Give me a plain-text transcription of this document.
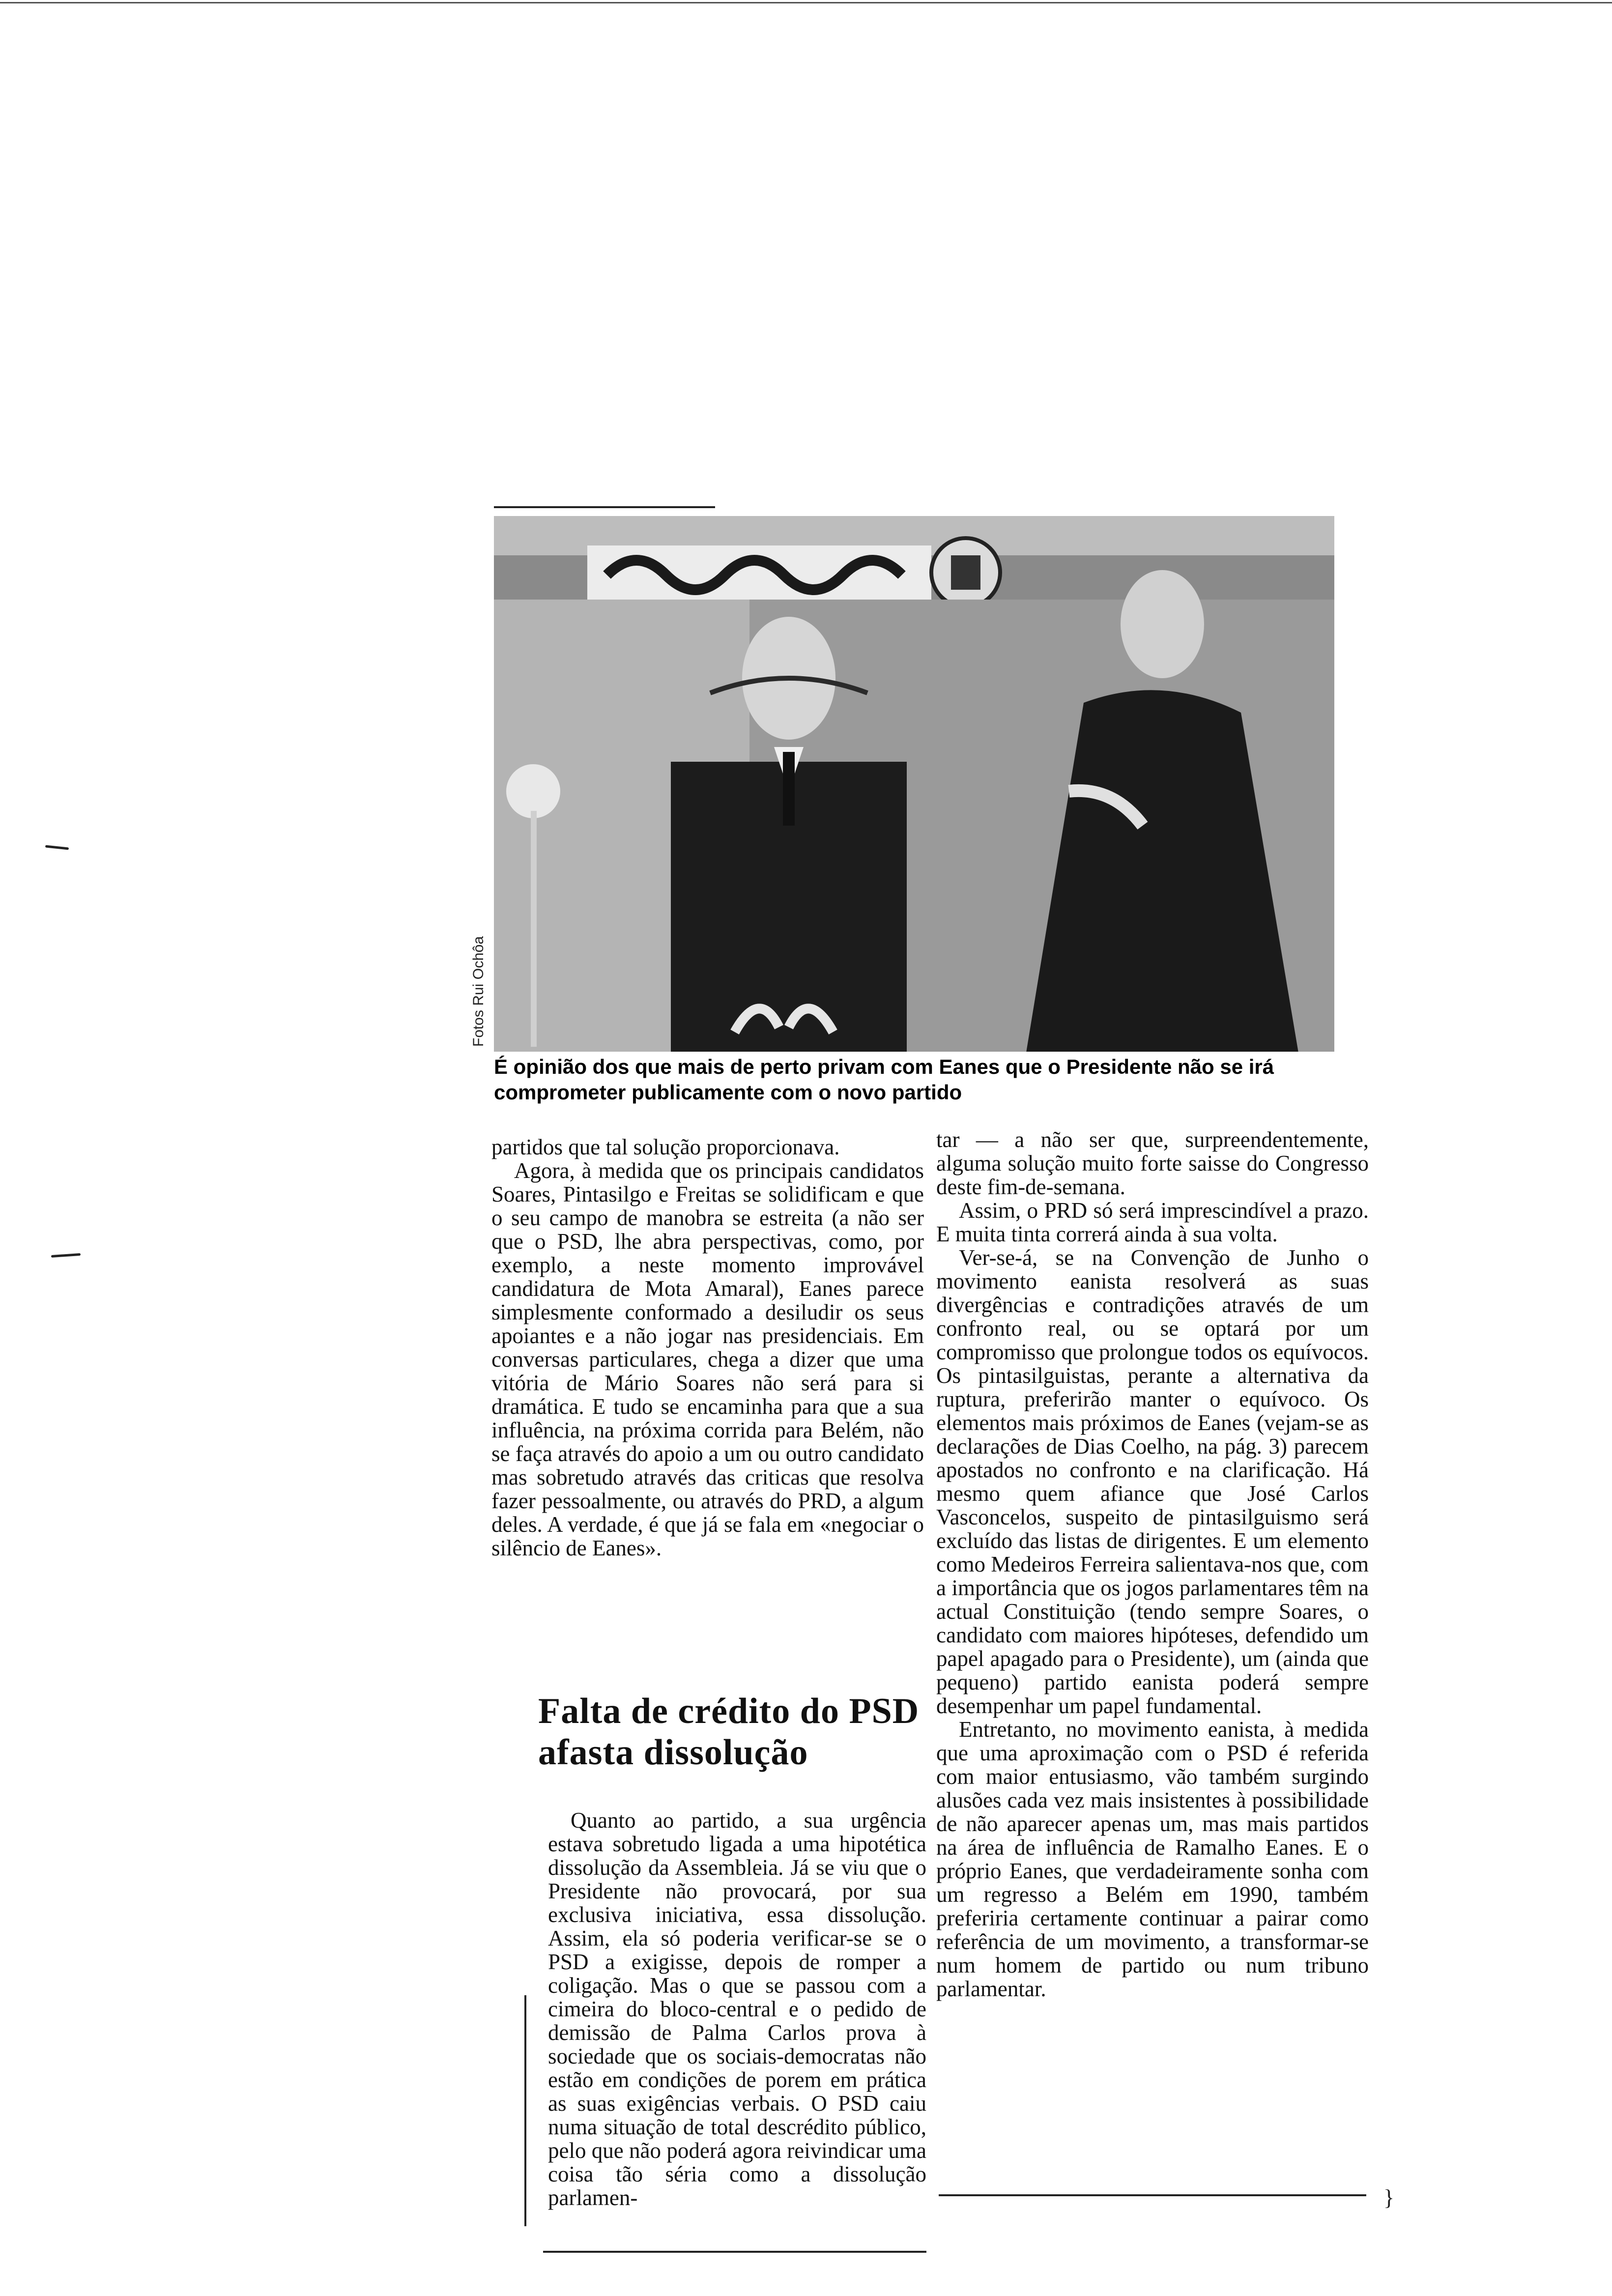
Fotos Rui Ochôa
É opinião dos que mais de perto privam com Eanes que o Presidente não se irá comprometer publicamente com o novo partido

partidos que tal solução proporcionava.

Agora, à medida que os principais candidatos Soares, Pintasilgo e Freitas se solidificam e que o seu campo de manobra se estreita (a não ser que o PSD, lhe abra perspectivas, como, por exemplo, a neste momento improvável candidatura de Mota Amaral), Eanes parece simplesmente conformado a desiludir os seus apoiantes e a não jogar nas presidenciais. Em conversas particulares, chega a dizer que uma vitória de Mário Soares não será para si dramática. E tudo se encaminha para que a sua influência, na próxima corrida para Belém, não se faça através do apoio a um ou outro candidato mas sobretudo através das criticas que resolva fazer pessoalmente, ou através do PRD, a algum deles. A verdade, é que já se fala em «negociar o silêncio de Eanes».

Falta de crédito do PSD afasta dissolução

Quanto ao partido, a sua urgência estava sobretudo ligada a uma hipotética dissolução da Assembleia. Já se viu que o Presidente não provocará, por sua exclusiva iniciativa, essa dissolução. Assim, ela só poderia verificar-se se o PSD a exigisse, depois de romper a coligação. Mas o que se passou com a cimeira do bloco-central e o pedido de demissão de Palma Carlos prova à sociedade que os sociais-democratas não estão em condições de porem em prática as suas exigências verbais. O PSD caiu numa situação de total descrédito público, pelo que não poderá agora reivindicar uma coisa tão séria como a dissolução parlamen-

tar — a não ser que, surpreendentemente, alguma solução muito forte saisse do Congresso deste fim-de-semana.

Assim, o PRD só será imprescindível a prazo. E muita tinta correrá ainda à sua volta.

Ver-se-á, se na Convenção de Junho o movimento eanista resolverá as suas divergências e contradições através de um confronto real, ou se optará por um compromisso que prolongue todos os equívocos. Os pintasilguistas, perante a alternativa da ruptura, preferirão manter o equívoco. Os elementos mais próximos de Eanes (vejam-se as declarações de Dias Coelho, na pág. 3) parecem apostados no confronto e na clarificação. Há mesmo quem afiance que José Carlos Vasconcelos, suspeito de pintasilguismo será excluído das listas de dirigentes. E um elemento como Medeiros Ferreira salientava-nos que, com a importância que os jogos parlamentares têm na actual Constituição (tendo sempre Soares, o candidato com maiores hipóteses, defendido um papel apagado para o Presidente), um (ainda que pequeno) partido eanista poderá sempre desempenhar um papel fundamental.

Entretanto, no movimento eanista, à medida que uma aproximação com o PSD é referida com maior entusiasmo, vão também surgindo alusões cada vez mais insistentes à possibilidade de não aparecer apenas um, mas mais partidos na área de influência de Ramalho Eanes. E o próprio Eanes, que verdadeiramente sonha com um regresso a Belém em 1990, também preferiria certamente continuar a pairar como referência de um movimento, a transformar-se num homem de partido ou num tribuno parlamentar.

}
